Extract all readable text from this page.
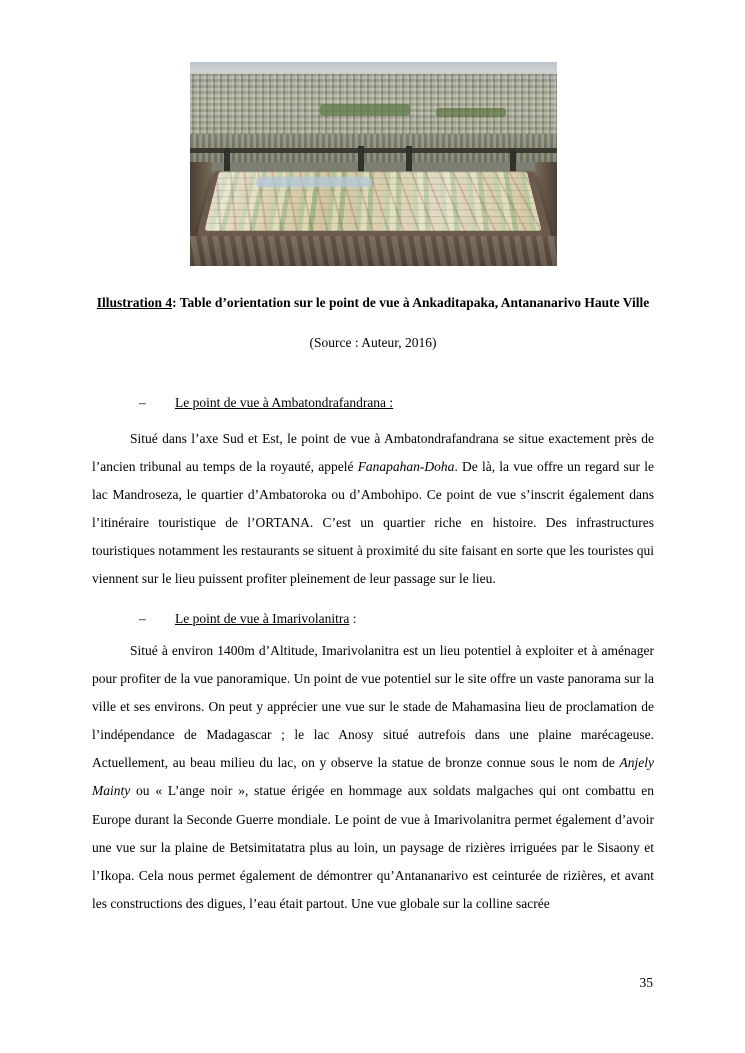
Illustration 4: Table d’orientation sur le point de vue à Ankaditapaka, Antananarivo Haute Ville
(Source : Auteur, 2016)
– Le point de vue à Ambatondrafandrana :

Situé dans l’axe Sud et Est, le point de vue à Ambatondrafandrana se situe exactement près de l’ancien tribunal au temps de la royauté, appelé Fanapahan-Doha. De là, la vue offre un regard sur le lac Mandroseza, le quartier d’Ambatoroka ou d’Ambohipo. Ce point de vue s’inscrit également dans l’itinéraire touristique de l’ORTANA. C’est un quartier riche en histoire. Des infrastructures touristiques notamment les restaurants se situent à proximité du site faisant en sorte que les touristes qui viennent sur le lieu puissent profiter pleinement de leur passage sur le lieu.

– Le point de vue à Imarivolanitra :

Situé à environ 1400m d’Altitude, Imarivolanitra est un lieu potentiel à exploiter et à aménager pour profiter de la vue panoramique. Un point de vue potentiel sur le site offre un vaste panorama sur la ville et ses environs. On peut y apprécier une vue sur le stade de Mahamasina lieu de proclamation de l’indépendance de Madagascar ; le lac Anosy situé autrefois dans une plaine marécageuse. Actuellement, au beau milieu du lac, on y observe la statue de bronze connue sous le nom de Anjely Mainty ou « L’ange noir », statue érigée en hommage aux soldats malgaches qui ont combattu en Europe durant la Seconde Guerre mondiale. Le point de vue à Imarivolanitra permet également d’avoir une vue sur la plaine de Betsimitatatra plus au loin, un paysage de rizières irriguées par le Sisaony et l’Ikopa. Cela nous permet également de démontrer qu’Antananarivo est ceinturée de rizières, et avant les constructions des digues, l’eau était partout. Une vue globale sur la colline sacrée

35
